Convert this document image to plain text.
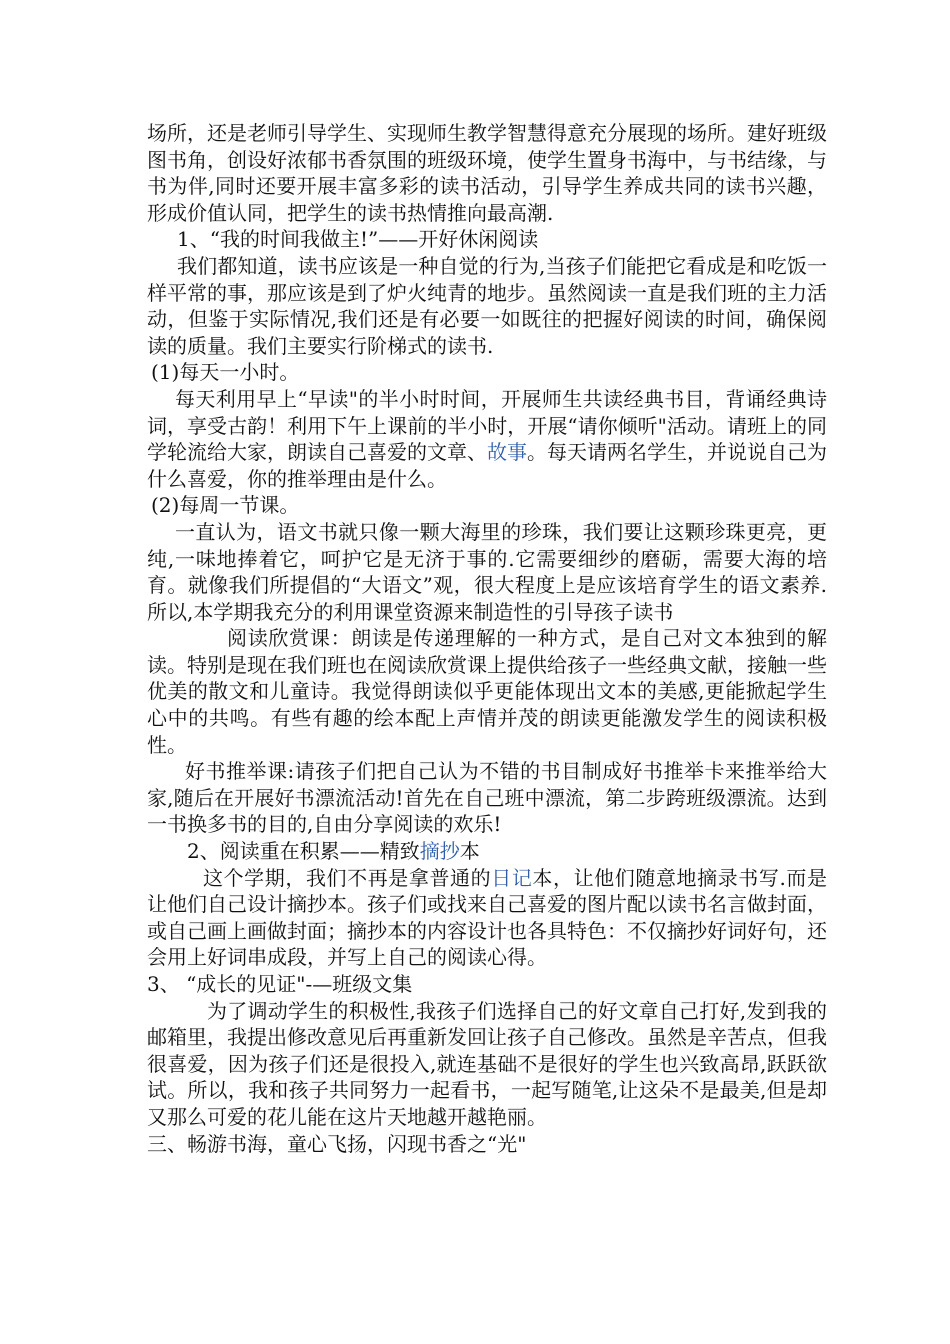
场所，还是老师引导学生、实现师生教学智慧得意充分展现的场所。建好班级图书角，创设好浓郁书香氛围的班级环境，使学生置身书海中，与书结缘，与书为伴,同时还要开展丰富多彩的读书活动，引导学生养成共同的读书兴趣，形成价值认同，把学生的读书热情推向最高潮.

1、“我的时间我做主!”——开好休闲阅读

我们都知道，读书应该是一种自觉的行为,当孩子们能把它看成是和吃饭一样平常的事，那应该是到了炉火纯青的地步。虽然阅读一直是我们班的主力活动，但鉴于实际情况,我们还是有必要一如既往的把握好阅读的时间，确保阅读的质量。我们主要实行阶梯式的读书.

(1)每天一小时。

每天利用早上“早读"的半小时时间，开展师生共读经典书目，背诵经典诗词，享受古韵！利用下午上课前的半小时，开展“请你倾听"活动。请班上的同学轮流给大家，朗读自己喜爱的文章、故事。每天请两名学生，并说说自己为什么喜爱，你的推举理由是什么。

(2)每周一节课。

一直认为，语文书就只像一颗大海里的珍珠，我们要让这颗珍珠更亮，更纯,一味地捧着它，呵护它是无济于事的.它需要细纱的磨砺，需要大海的培育。就像我们所提倡的“大语文”观，很大程度上是应该培育学生的语文素养.所以,本学期我充分的利用课堂资源来制造性的引导孩子读书

阅读欣赏课：朗读是传递理解的一种方式，是自己对文本独到的解读。特别是现在我们班也在阅读欣赏课上提供给孩子一些经典文献，接触一些优美的散文和儿童诗。我觉得朗读似乎更能体现出文本的美感,更能掀起学生心中的共鸣。有些有趣的绘本配上声情并茂的朗读更能激发学生的阅读积极性。

好书推举课:请孩子们把自己认为不错的书目制成好书推举卡来推举给大家,随后在开展好书漂流活动!首先在自己班中漂流，第二步跨班级漂流。达到一书换多书的目的,自由分享阅读的欢乐!

2、阅读重在积累——精致摘抄本

这个学期，我们不再是拿普通的日记本，让他们随意地摘录书写.而是让他们自己设计摘抄本。孩子们或找来自己喜爱的图片配以读书名言做封面，或自己画上画做封面；摘抄本的内容设计也各具特色：不仅摘抄好词好句，还会用上好词串成段，并写上自己的阅读心得。

3、 “成长的见证"-—班级文集

为了调动学生的积极性,我孩子们选择自己的好文章自己打好,发到我的邮箱里，我提出修改意见后再重新发回让孩子自己修改。虽然是辛苦点，但我很喜爱，因为孩子们还是很投入,就连基础不是很好的学生也兴致高昂,跃跃欲试。所以，我和孩子共同努力一起看书，一起写随笔,让这朵不是最美,但是却又那么可爱的花儿能在这片天地越开越艳丽。

三、畅游书海，童心飞扬，闪现书香之“光"
